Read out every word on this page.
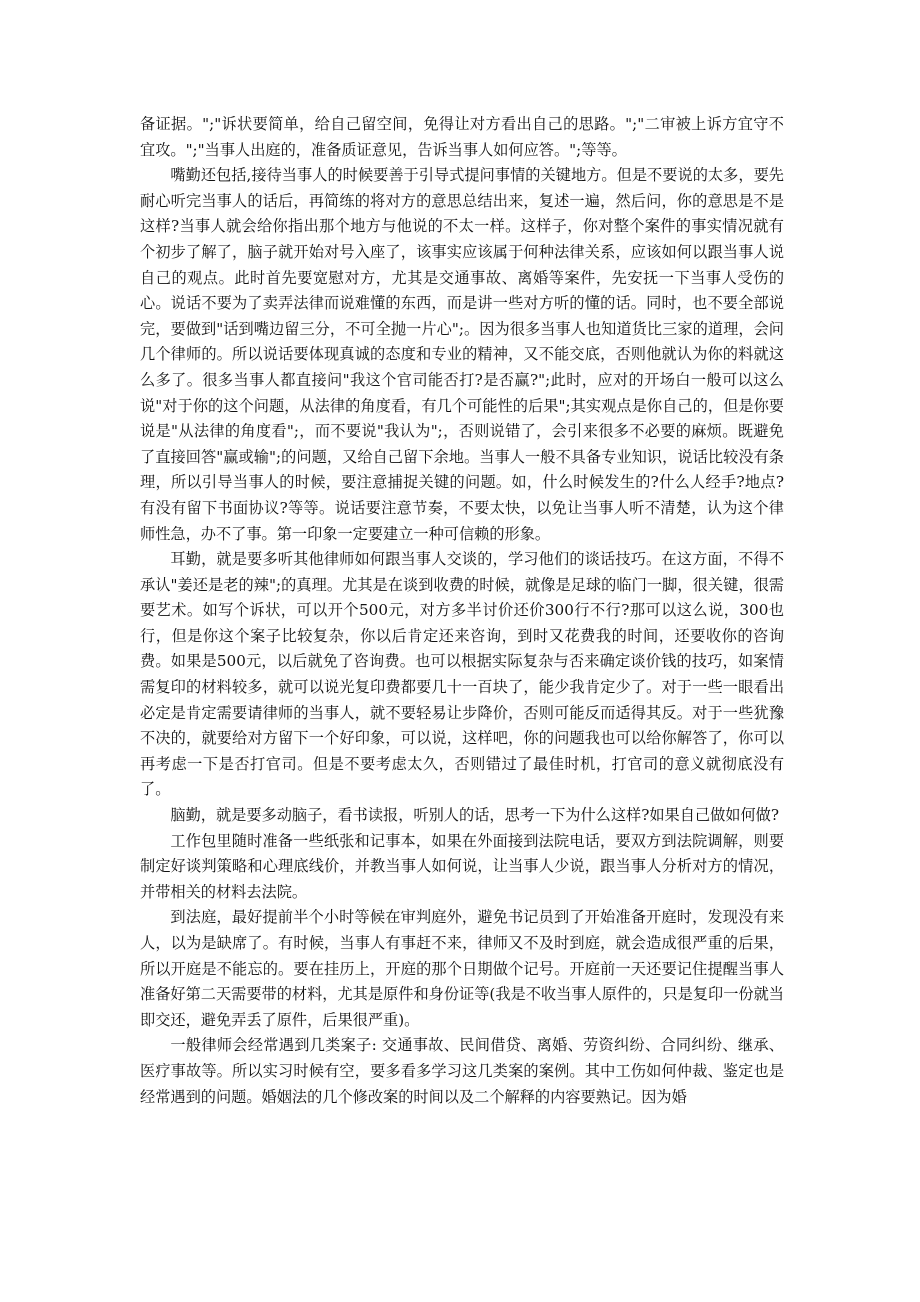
备证据。";"诉状要简单，给自己留空间，免得让对方看出自己的思路。";"二审被上诉方宜守不宜攻。";"当事人出庭的，准备质证意见，告诉当事人如何应答。";等等。

嘴勤还包括,接待当事人的时候要善于引导式提问事情的关键地方。但是不要说的太多，要先耐心听完当事人的话后，再简练的将对方的意思总结出来，复述一遍，然后问，你的意思是不是这样?当事人就会给你指出那个地方与他说的不太一样。这样子，你对整个案件的事实情况就有个初步了解了，脑子就开始对号入座了，该事实应该属于何种法律关系，应该如何以跟当事人说自己的观点。此时首先要宽慰对方，尤其是交通事故、离婚等案件，先安抚一下当事人受伤的心。说话不要为了卖弄法律而说难懂的东西，而是讲一些对方听的懂的话。同时，也不要全部说完，要做到"话到嘴边留三分，不可全抛一片心";。因为很多当事人也知道货比三家的道理，会问几个律师的。所以说话要体现真诚的态度和专业的精神，又不能交底，否则他就认为你的料就这么多了。很多当事人都直接问"我这个官司能否打?是否赢?";此时，应对的开场白一般可以这么说"对于你的这个问题，从法律的角度看，有几个可能性的后果";其实观点是你自己的，但是你要说是"从法律的角度看";，而不要说"我认为";，否则说错了，会引来很多不必要的麻烦。既避免了直接回答"赢或输";的问题，又给自己留下余地。当事人一般不具备专业知识，说话比较没有条理，所以引导当事人的时候，要注意捕捉关键的问题。如，什么时候发生的?什么人经手?地点?有没有留下书面协议?等等。说话要注意节奏，不要太快，以免让当事人听不清楚，认为这个律师性急，办不了事。第一印象一定要建立一种可信赖的形象。

耳勤，就是要多听其他律师如何跟当事人交谈的，学习他们的谈话技巧。在这方面，不得不承认"姜还是老的辣";的真理。尤其是在谈到收费的时候，就像是足球的临门一脚，很关键，很需要艺术。如写个诉状，可以开个500元，对方多半讨价还价300行不行?那可以这么说，300也行，但是你这个案子比较复杂，你以后肯定还来咨询，到时又花费我的时间，还要收你的咨询费。如果是500元，以后就免了咨询费。也可以根据实际复杂与否来确定谈价钱的技巧，如案情需复印的材料较多，就可以说光复印费都要几十一百块了，能少我肯定少了。对于一些一眼看出必定是肯定需要请律师的当事人，就不要轻易让步降价，否则可能反而适得其反。对于一些犹豫不决的，就要给对方留下一个好印象，可以说，这样吧，你的问题我也可以给你解答了，你可以再考虑一下是否打官司。但是不要考虑太久，否则错过了最佳时机，打官司的意义就彻底没有了。

脑勤，就是要多动脑子，看书读报，听别人的话，思考一下为什么这样?如果自己做如何做?

工作包里随时准备一些纸张和记事本，如果在外面接到法院电话，要双方到法院调解，则要制定好谈判策略和心理底线价，并教当事人如何说，让当事人少说，跟当事人分析对方的情况，并带相关的材料去法院。

到法庭，最好提前半个小时等候在审判庭外，避免书记员到了开始准备开庭时，发现没有来人，以为是缺席了。有时候，当事人有事赶不来，律师又不及时到庭，就会造成很严重的后果，所以开庭是不能忘的。要在挂历上，开庭的那个日期做个记号。开庭前一天还要记住提醒当事人准备好第二天需要带的材料，尤其是原件和身份证等(我是不收当事人原件的，只是复印一份就当即交还，避免弄丢了原件，后果很严重)。

一般律师会经常遇到几类案子: 交通事故、民间借贷、离婚、劳资纠纷、合同纠纷、继承、医疗事故等。所以实习时候有空，要多看多学习这几类案的案例。其中工伤如何仲裁、鉴定也是经常遇到的问题。婚姻法的几个修改案的时间以及二个解释的内容要熟记。因为婚
